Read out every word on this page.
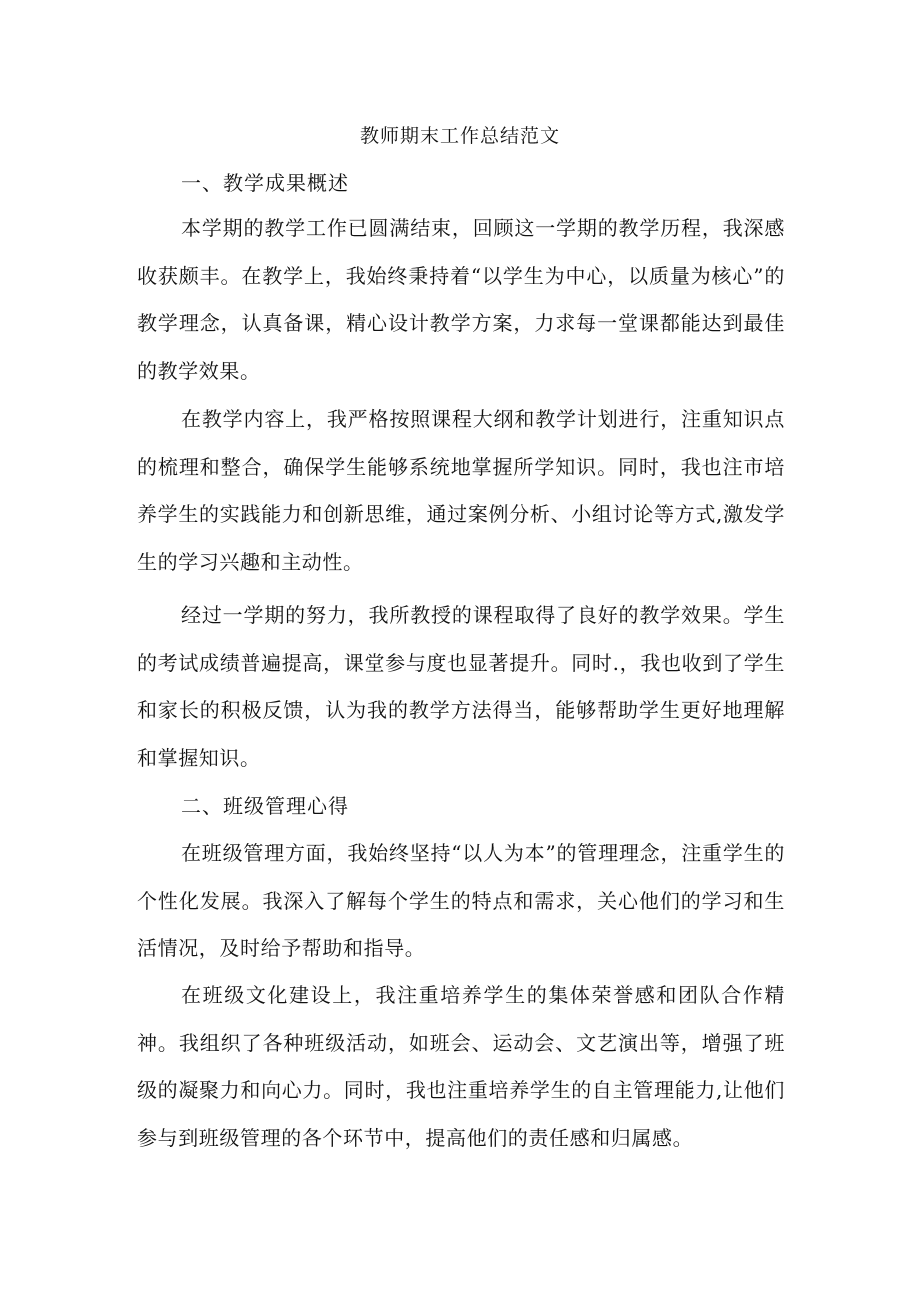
教师期末工作总结范文
一、教学成果概述

本学期的教学工作已圆满结束，回顾这一学期的教学历程，我深感收获颇丰。在教学上，我始终秉持着“以学生为中心，以质量为核心”的教学理念，认真备课，精心设计教学方案，力求每一堂课都能达到最佳的教学效果。

在教学内容上，我严格按照课程大纲和教学计划进行，注重知识点的梳理和整合，确保学生能够系统地掌握所学知识。同时，我也注市培养学生的实践能力和创新思维，通过案例分析、小组讨论等方式,激发学生的学习兴趣和主动性。

经过一学期的努力，我所教授的课程取得了良好的教学效果。学生的考试成绩普遍提高，课堂参与度也显著提升。同时.，我也收到了学生和家长的积极反馈，认为我的教学方法得当，能够帮助学生更好地理解和掌握知识。

二、班级管理心得

在班级管理方面，我始终坚持“以人为本”的管理理念，注重学生的个性化发展。我深入了解每个学生的特点和需求，关心他们的学习和生活情况，及时给予帮助和指导。

在班级文化建设上，我注重培养学生的集体荣誉感和团队合作精神。我组织了各种班级活动，如班会、运动会、文艺演出等，增强了班级的凝聚力和向心力。同时，我也注重培养学生的自主管理能力,让他们参与到班级管理的各个环节中，提高他们的责任感和归属感。
